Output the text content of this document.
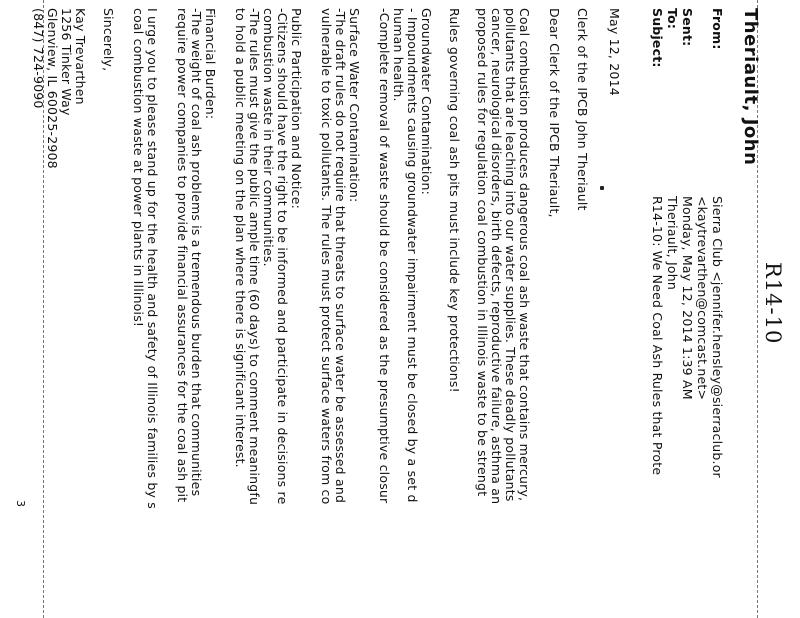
R14-10
Theriault, John
From:
Sierra Club <jennifer.hensley@sierraclub.or
<kaytrevarthen@comcast.net>
Sent:
Monday, May 12, 2014 1:39 AM
To:
Theriault, John
Subject:
R14-10: We Need Coal Ash Rules that Prote
May 12, 2014
Clerk of the IPCB John Theriault
Dear Clerk of the IPCB Theriault,
Coal combustion produces dangerous coal ash waste that contains mercury,
pollutants that are leaching into our water supplies. These deadly pollutants
cancer, neurological disorders, birth defects, reproductive failure, asthma an
proposed rules for regulation coal combustion in Illinois waste to be strengt
Rules governing coal ash pits must include key protections!
Groundwater Contamination:
- Impoundments causing groundwater impairment must be closed by a set d
human health.
-Complete removal of waste should be considered as the presumptive closur
Surface Water Contamination:
-The draft rules do not require that threats to surface water be assessed and
vulnerable to toxic pollutants. The rules must protect surface waters from co
Public Participation and Notice:
-Citizens should have the right to be informed and participate in decisions re
combustion waste in their communities.
-The rules must give the public ample time (60 days) to comment meaningfu
to hold a public meeting on the plan where there is significant interest.
Financial Burden:
-The weight of coal ash problems is a tremendous burden that communities
require power companies to provide financial assurances for the coal ash pit
I urge you to please stand up for the health and safety of Illinois families by s
coal combustion waste at power plants in Illinois!
Sincerely,
Kay Trevarthen
1256 Tinker Way
Glenview, IL 60025-2908
(847) 724-9090
3
